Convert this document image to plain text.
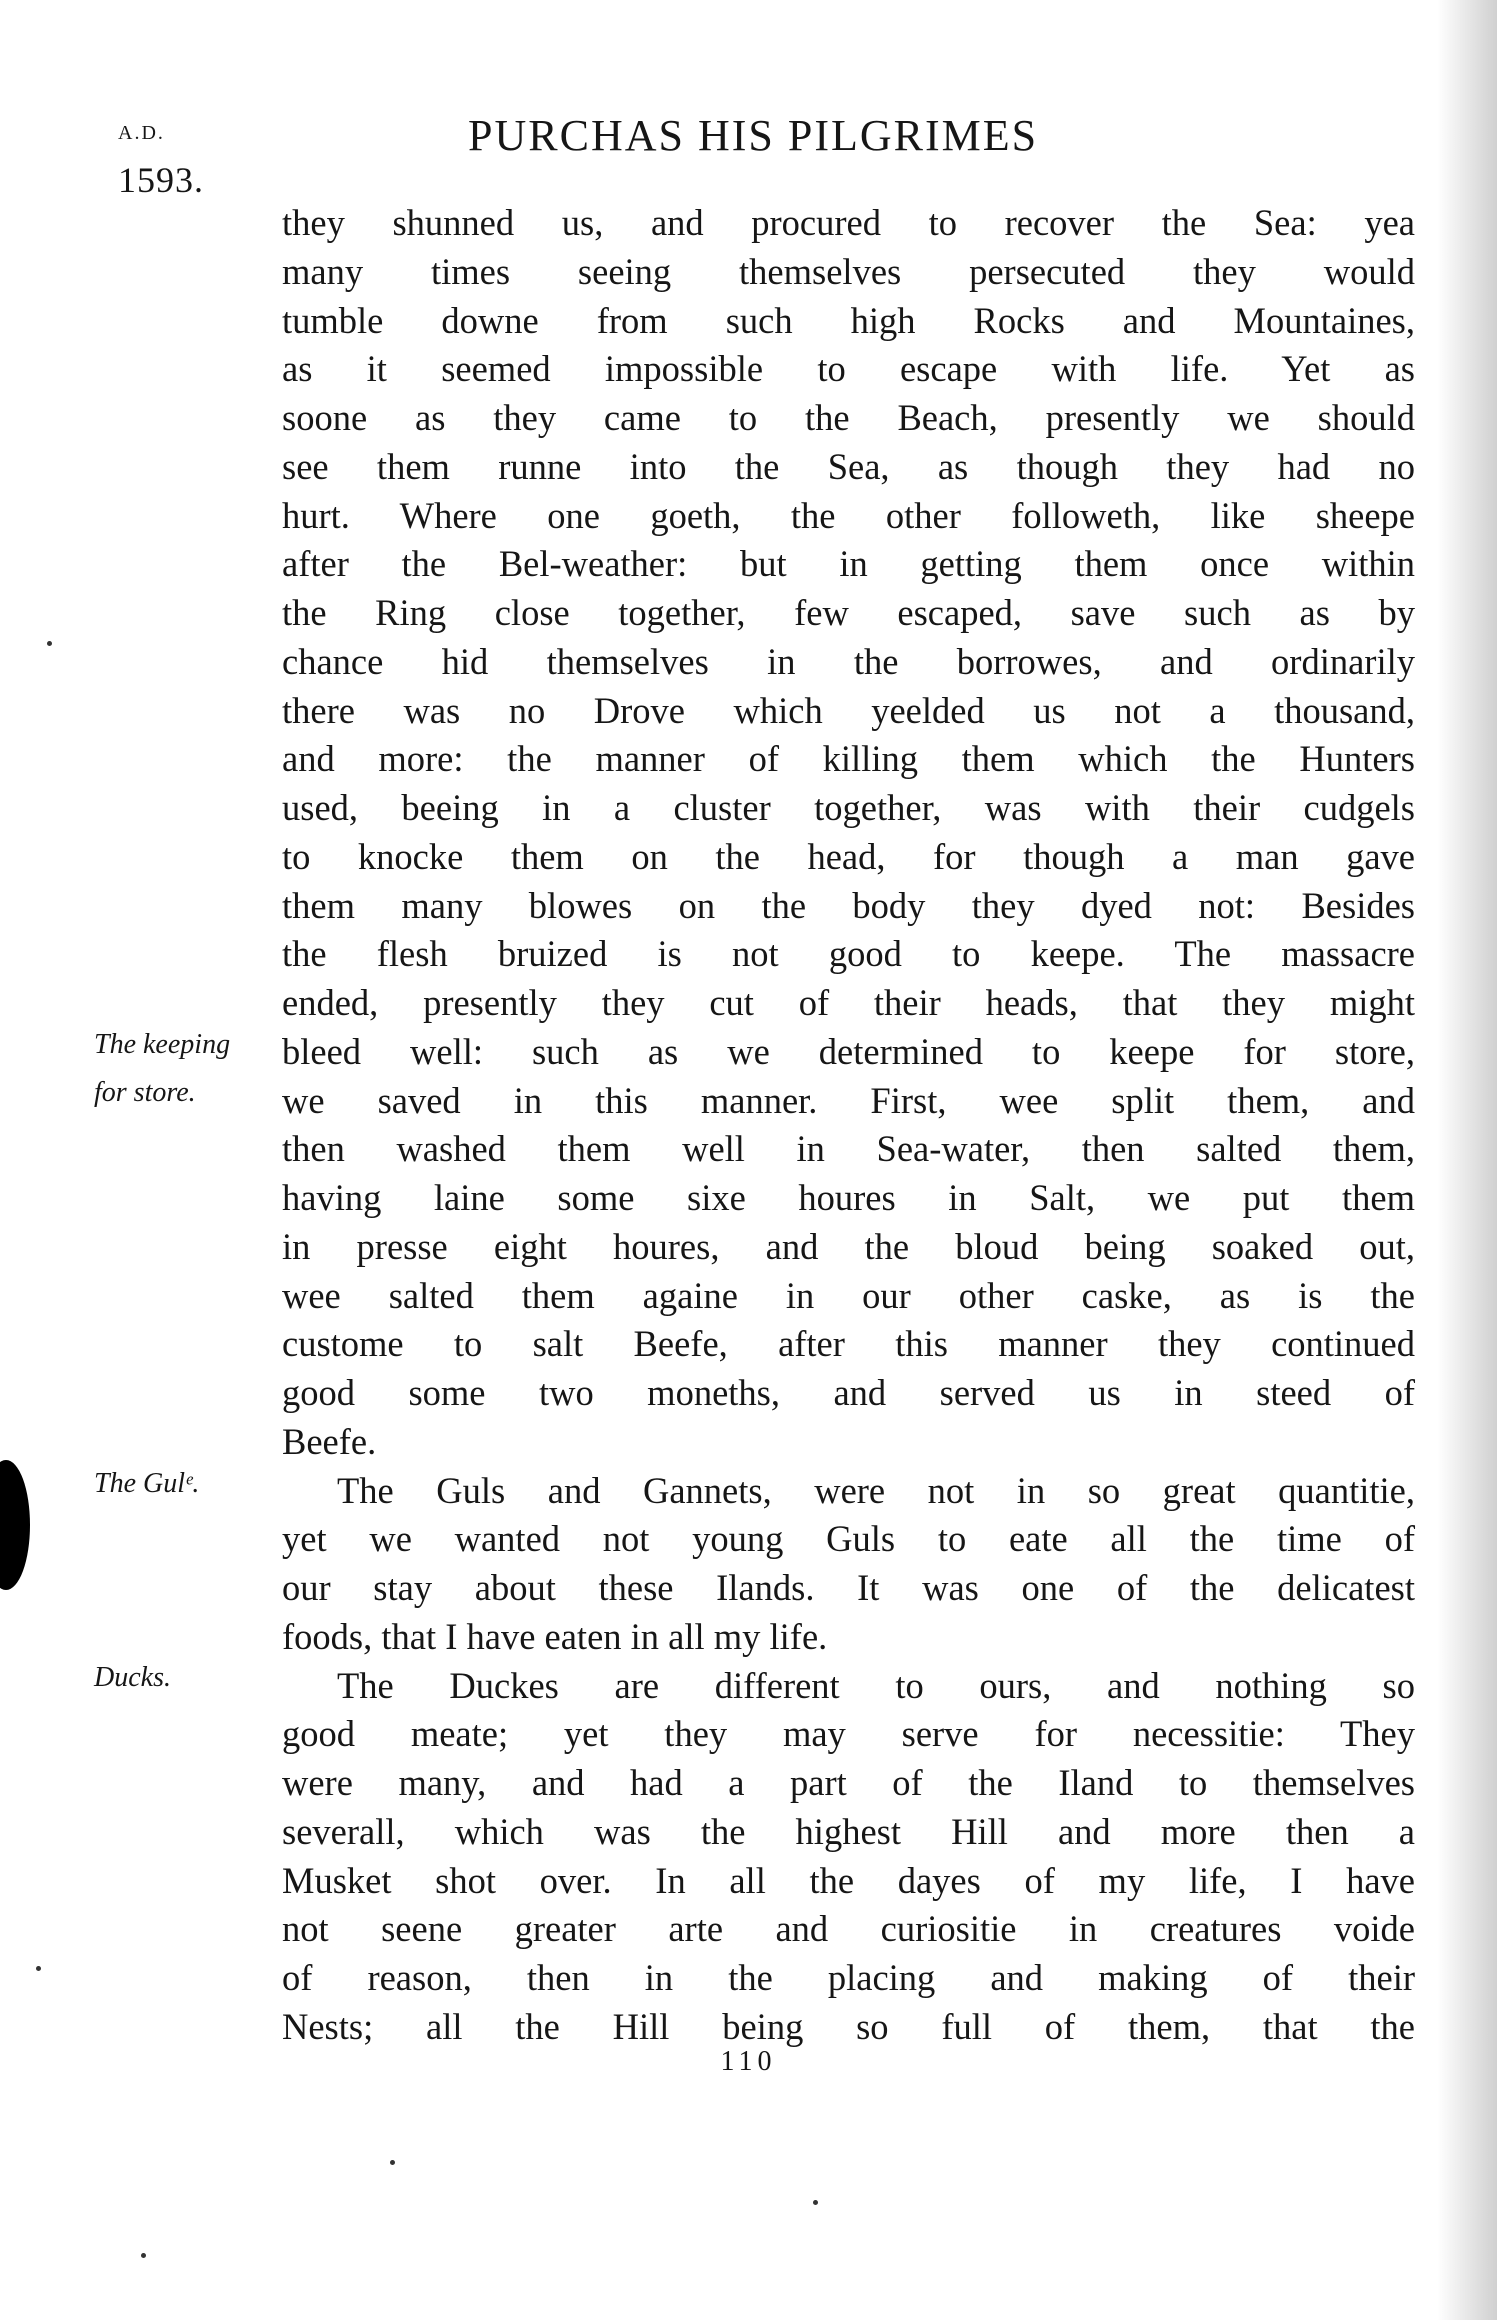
A.D.
1593.
PURCHAS HIS PILGRIMES
The keeping
for store.
The Gulᵉ.
Ducks.
they shunned us, and procured to recover the Sea: yea
many times seeing themselves persecuted they would
tumble downe from such high Rocks and Mountaines,
as it seemed impossible to escape with life. Yet as
soone as they came to the Beach, presently we should
see them runne into the Sea, as though they had no
hurt. Where one goeth, the other followeth, like sheepe
after the Bel-weather: but in getting them once within
the Ring close together, few escaped, save such as by
chance hid themselves in the borrowes, and ordinarily
there was no Drove which yeelded us not a thousand,
and more: the manner of killing them which the Hunters
used, beeing in a cluster together, was with their cudgels
to knocke them on the head, for though a man gave
them many blowes on the body they dyed not: Besides
the flesh bruized is not good to keepe. The massacre
ended, presently they cut of their heads, that they might
bleed well: such as we determined to keepe for store,
we saved in this manner. First, wee split them, and
then washed them well in Sea-water, then salted them,
having laine some sixe houres in Salt, we put them
in presse eight houres, and the bloud being soaked out,
wee salted them againe in our other caske, as is the
custome to salt Beefe, after this manner they continued
good some two moneths, and served us in steed of
Beefe.
The Guls and Gannets, were not in so great quantitie,
yet we wanted not young Guls to eate all the time of
our stay about these Ilands. It was one of the delicatest
foods, that I have eaten in all my life.
The Duckes are different to ours, and nothing so
good meate; yet they may serve for necessitie: They
were many, and had a part of the Iland to themselves
severall, which was the highest Hill and more then a
Musket shot over. In all the dayes of my life, I have
not seene greater arte and curiositie in creatures voide
of reason, then in the placing and making of their
Nests; all the Hill being so full of them, that the
110
